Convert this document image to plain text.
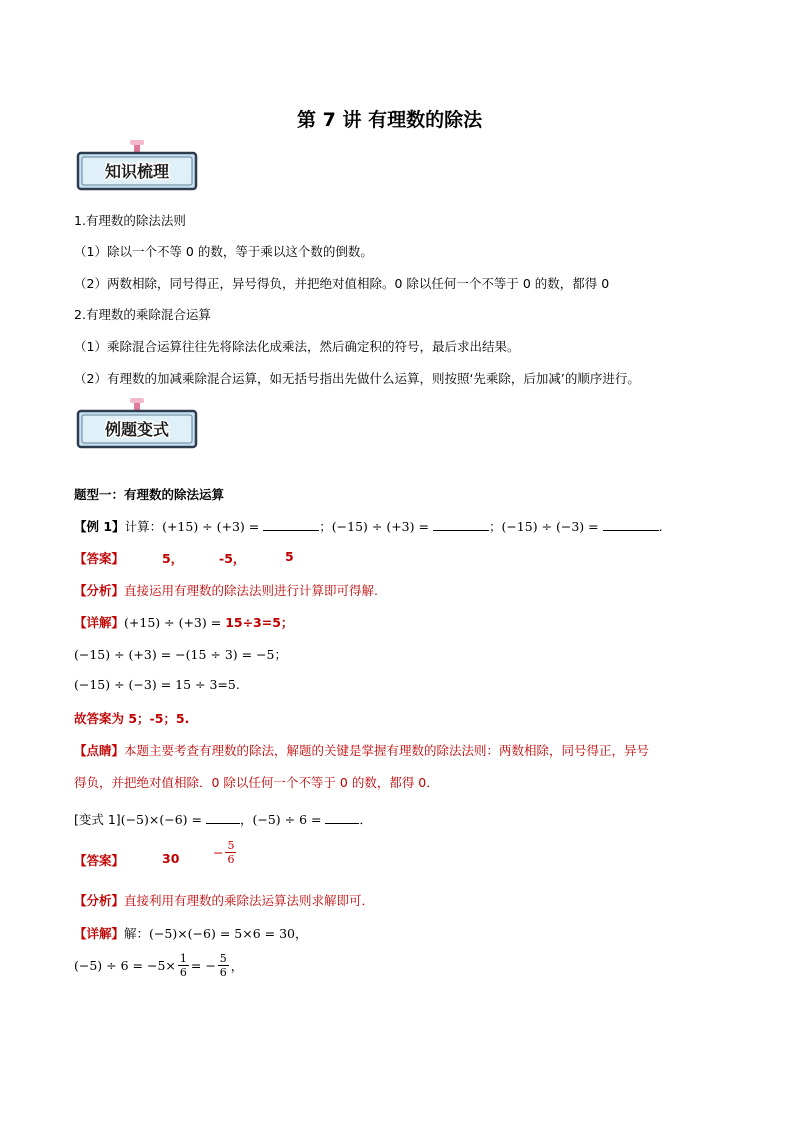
第 7 讲 有理数的除法
知识梳理
1.有理数的除法法则
（1）除以一个不等 0 的数，等于乘以这个数的倒数。
（2）两数相除，同号得正，异号得负，并把绝对值相除。0 除以任何一个不等于 0 的数，都得 0
2.有理数的乘除混合运算
（1）乘除混合运算往往先将除法化成乘法，然后确定积的符号，最后求出结果。
（2）有理数的加减乘除混合运算，如无括号指出先做什么运算，则按照‘先乘除，后加减’的顺序进行。
例题变式
题型一：有理数的除法运算
【例 1】计算：(+15) ÷ (+3) =	；(−15) ÷ (+3) =	；(−15) ÷ (−3) =	.
【答案】	5，	-5，	5
【分析】直接运用有理数的除法法则进行计算即可得解.
【详解】(+15) ÷ (+3) = 15÷3=5；
(−15) ÷ (+3) = −(15 ÷ 3) = −5；
(−15) ÷ (−3) = 15 ÷ 3=5.
故答案为 5；-5；5.
【点睛】本题主要考查有理数的除法，解题的关键是掌握有理数的除法法则：两数相除，同号得正，异号
得负，并把绝对值相除．0 除以任何一个不等于 0 的数，都得 0．
[变式 1](−5)×(−6) =	，(−5) ÷ 6 =	．
【答案】	30	− $\frac{5}{6}$
【分析】直接利用有理数的乘除法运算法则求解即可．
【详解】解：(−5)×(−6) = 5×6 = 30，
$(-5) \div 6 = -5\times \frac{1}{6}$ = − $\frac{5}{6}$ ，
